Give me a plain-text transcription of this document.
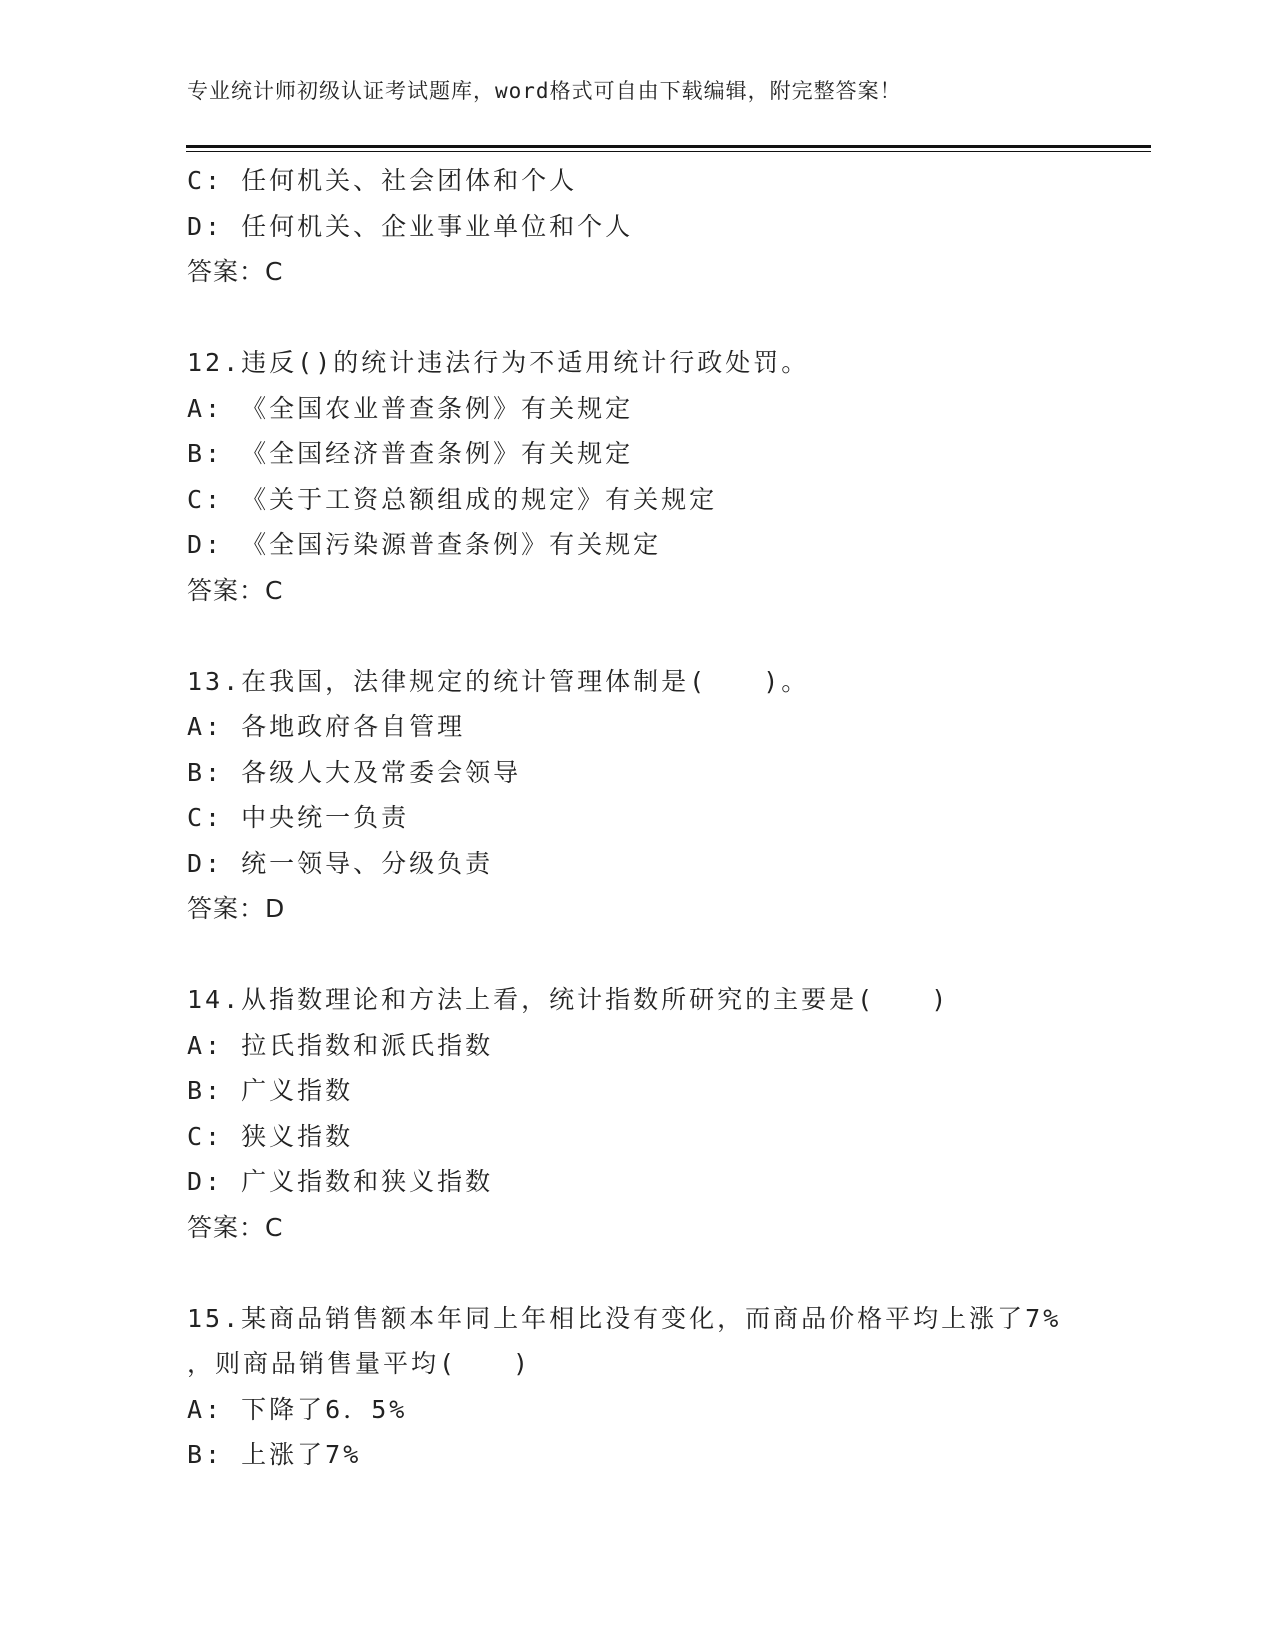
专业统计师初级认证考试题库，word格式可自由下载编辑，附完整答案！
C: 任何机关、社会团体和个人
D: 任何机关、企业事业单位和个人
答案：C
12.违反()的统计违法行为不适用统计行政处罚。
A: 《全国农业普查条例》有关规定
B: 《全国经济普查条例》有关规定
C: 《关于工资总额组成的规定》有关规定
D: 《全国污染源普查条例》有关规定
答案：C
13.在我国，法律规定的统计管理体制是(　　)。
A: 各地政府各自管理
B: 各级人大及常委会领导
C: 中央统一负责
D: 统一领导、分级负责
答案：D
14.从指数理论和方法上看，统计指数所研究的主要是(　　)
A: 拉氏指数和派氏指数
B: 广义指数
C: 狭义指数
D: 广义指数和狭义指数
答案：C
15.某商品销售额本年同上年相比没有变化，而商品价格平均上涨了7%
，则商品销售量平均(　　)
A: 下降了6．5%
B: 上涨了7%
